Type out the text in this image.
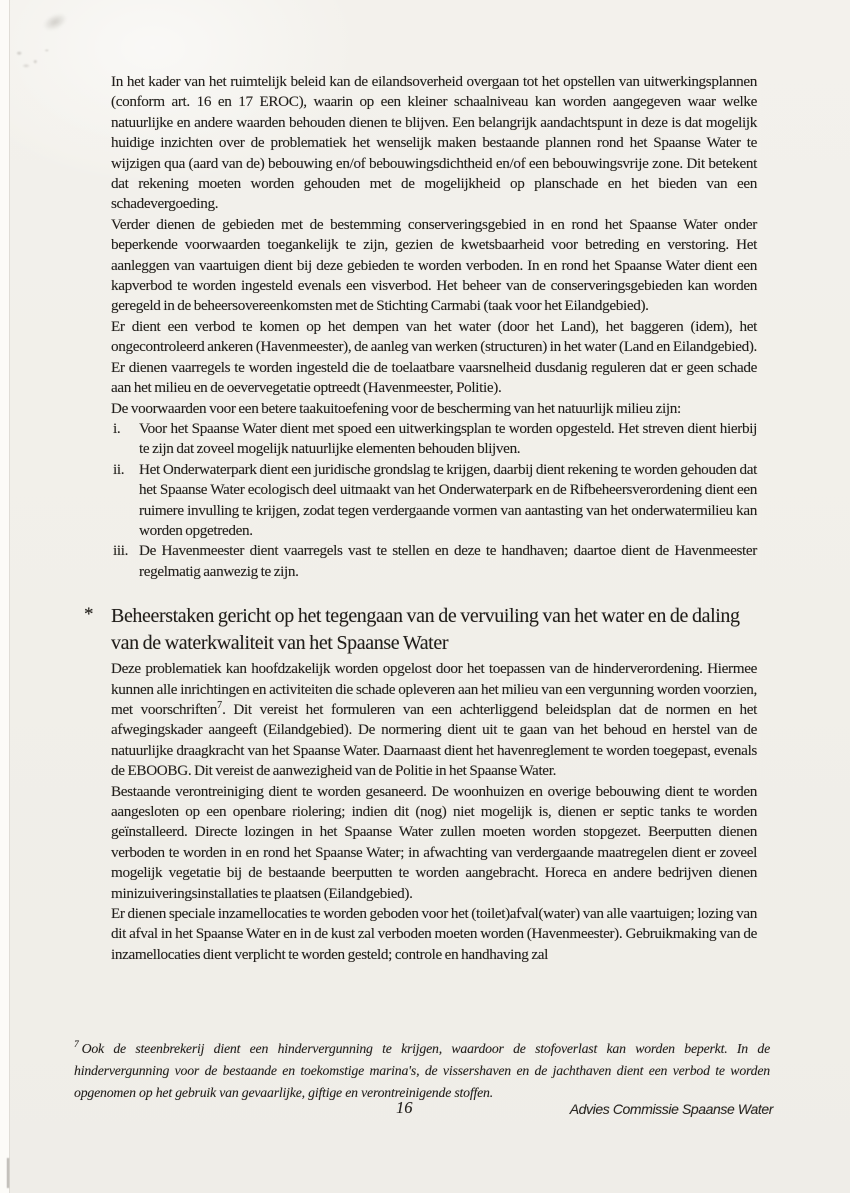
In het kader van het ruimtelijk beleid kan de eilandsoverheid overgaan tot het opstellen van uitwerkingsplannen (conform art. 16 en 17 EROC), waarin op een kleiner schaalniveau kan worden aangegeven waar welke natuurlijke en andere waarden behouden dienen te blijven. Een belangrijk aandachtspunt in deze is dat mogelijk huidige inzichten over de problematiek het wenselijk maken bestaande plannen rond het Spaanse Water te wijzigen qua (aard van de) bebouwing en/of bebouwingsdichtheid en/of een bebouwingsvrije zone. Dit betekent dat rekening moeten worden gehouden met de mogelijkheid op planschade en het bieden van een schadevergoeding.

Verder dienen de gebieden met de bestemming conserveringsgebied in en rond het Spaanse Water onder beperkende voorwaarden toegankelijk te zijn, gezien de kwetsbaarheid voor betreding en verstoring. Het aanleggen van vaartuigen dient bij deze gebieden te worden verboden. In en rond het Spaanse Water dient een kapverbod te worden ingesteld evenals een visverbod. Het beheer van de conserveringsgebieden kan worden geregeld in de beheersovereenkomsten met de Stichting Carmabi (taak voor het Eilandgebied).

Er dient een verbod te komen op het dempen van het water (door het Land), het baggeren (idem), het ongecontroleerd ankeren (Havenmeester), de aanleg van werken (structuren) in het water (Land en Eilandgebied). Er dienen vaarregels te worden ingesteld die de toelaatbare vaarsnelheid dusdanig reguleren dat er geen schade aan het milieu en de oevervegetatie optreedt (Havenmeester, Politie).

De voorwaarden voor een betere taakuitoefening voor de bescherming van het natuurlijk milieu zijn:

i. Voor het Spaanse Water dient met spoed een uitwerkingsplan te worden opgesteld. Het streven dient hierbij te zijn dat zoveel mogelijk natuurlijke elementen behouden blijven.
ii. Het Onderwaterpark dient een juridische grondslag te krijgen, daarbij dient rekening te worden gehouden dat het Spaanse Water ecologisch deel uitmaakt van het Onderwaterpark en de Rifbeheersverordening dient een ruimere invulling te krijgen, zodat tegen verdergaande vormen van aantasting van het onderwatermilieu kan worden opgetreden.
iii. De Havenmeester dient vaarregels vast te stellen en deze te handhaven; daartoe dient de Havenmeester regelmatig aanwezig te zijn.
* Beheerstaken gericht op het tegengaan van de vervuiling van het water en de daling van de waterkwaliteit van het Spaanse Water

Deze problematiek kan hoofdzakelijk worden opgelost door het toepassen van de hinderverordening. Hiermee kunnen alle inrichtingen en activiteiten die schade opleveren aan het milieu van een vergunning worden voorzien, met voorschriften$^7$. Dit vereist het formuleren van een achterliggend beleidsplan dat de normen en het afwegingskader aangeeft (Eilandgebied). De normering dient uit te gaan van het behoud en herstel van de natuurlijke draagkracht van het Spaanse Water. Daarnaast dient het havenreglement te worden toegepast, evenals de EBOOBG. Dit vereist de aanwezigheid van de Politie in het Spaanse Water.

Bestaande verontreiniging dient te worden gesaneerd. De woonhuizen en overige bebouwing dient te worden aangesloten op een openbare riolering; indien dit (nog) niet mogelijk is, dienen er septic tanks te worden geïnstalleerd. Directe lozingen in het Spaanse Water zullen moeten worden stopgezet. Beerputten dienen verboden te worden in en rond het Spaanse Water; in afwachting van verdergaande maatregelen dient er zoveel mogelijk vegetatie bij de bestaande beerputten te worden aangebracht. Horeca en andere bedrijven dienen minizuiveringsinstallaties te plaatsen (Eilandgebied).

Er dienen speciale inzamellocaties te worden geboden voor het (toilet)afval(water) van alle vaartuigen; lozing van dit afval in het Spaanse Water en in de kust zal verboden moeten worden (Havenmeester). Gebruikmaking van de inzamellocaties dient verplicht te worden gesteld; controle en handhaving zal

$^7$ Ook de steenbrekerij dient een hindervergunning te krijgen, waardoor de stofoverlast kan worden beperkt. In de hindervergunning voor de bestaande en toekomstige marina's, de vissershaven en de jachthaven dient een verbod te worden opgenomen op het gebruik van gevaarlijke, giftige en verontreinigende stoffen.
16	Advies Commissie Spaanse Water
